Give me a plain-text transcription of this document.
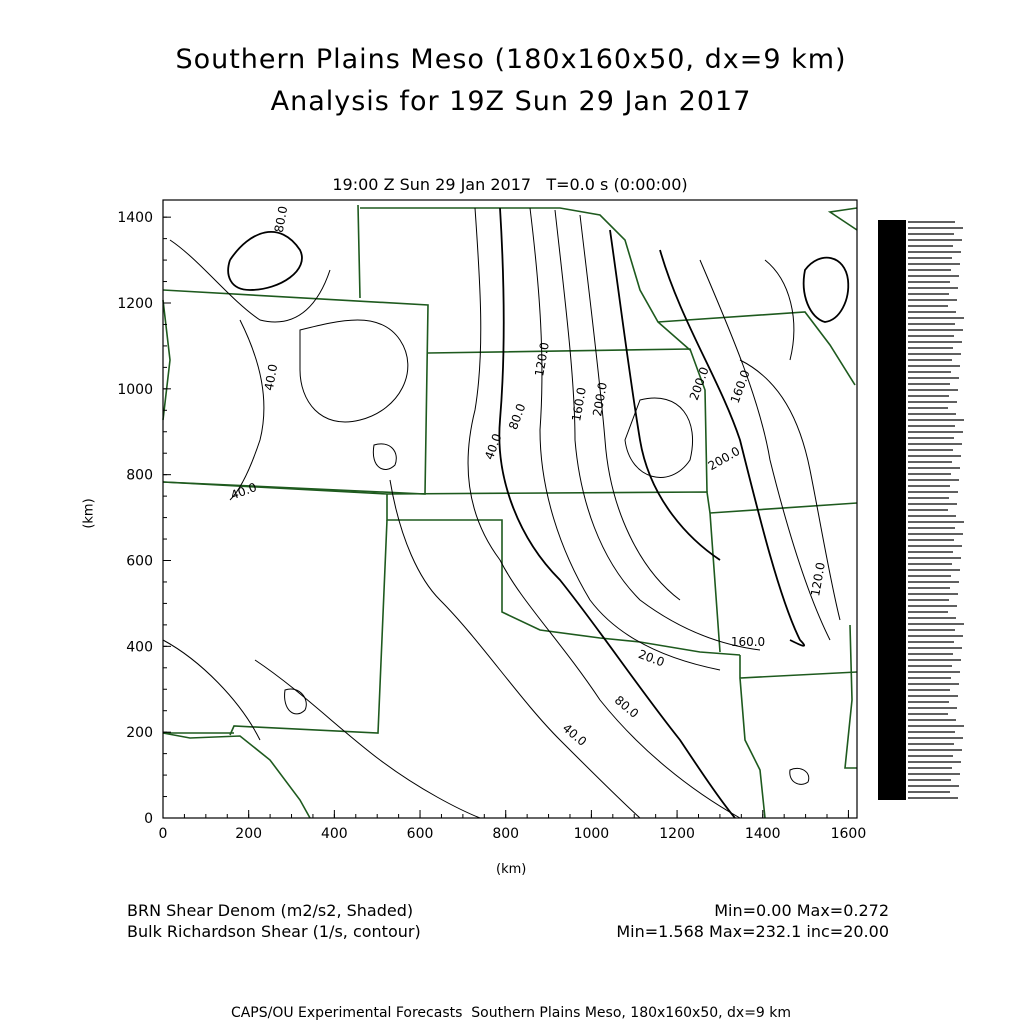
Southern Plains Meso (180x160x50, dx=9 km)
Analysis for 19Z Sun 29 Jan 2017
19:00 Z Sun 29 Jan 2017   T=0.0 s (0:00:00)
(km)
(km)
0	200	400	600	800	1000	1200	1400	1600
0
200
400
600
800
1000
1200
1400
40.0
40.0
40.0
40.0
80.0
80.0
80.0
120.0
120.0
160.0	160.0
160.0
200.0	200.0
200.0
20.0
BRN Shear Denom (m2/s2, Shaded)
Bulk Richardson Shear (1/s, contour)
Min=0.00 Max=0.272
Min=1.568 Max=232.1 inc=20.00
CAPS/OU Experimental Forecasts  Southern Plains Meso, 180x160x50, dx=9 km
